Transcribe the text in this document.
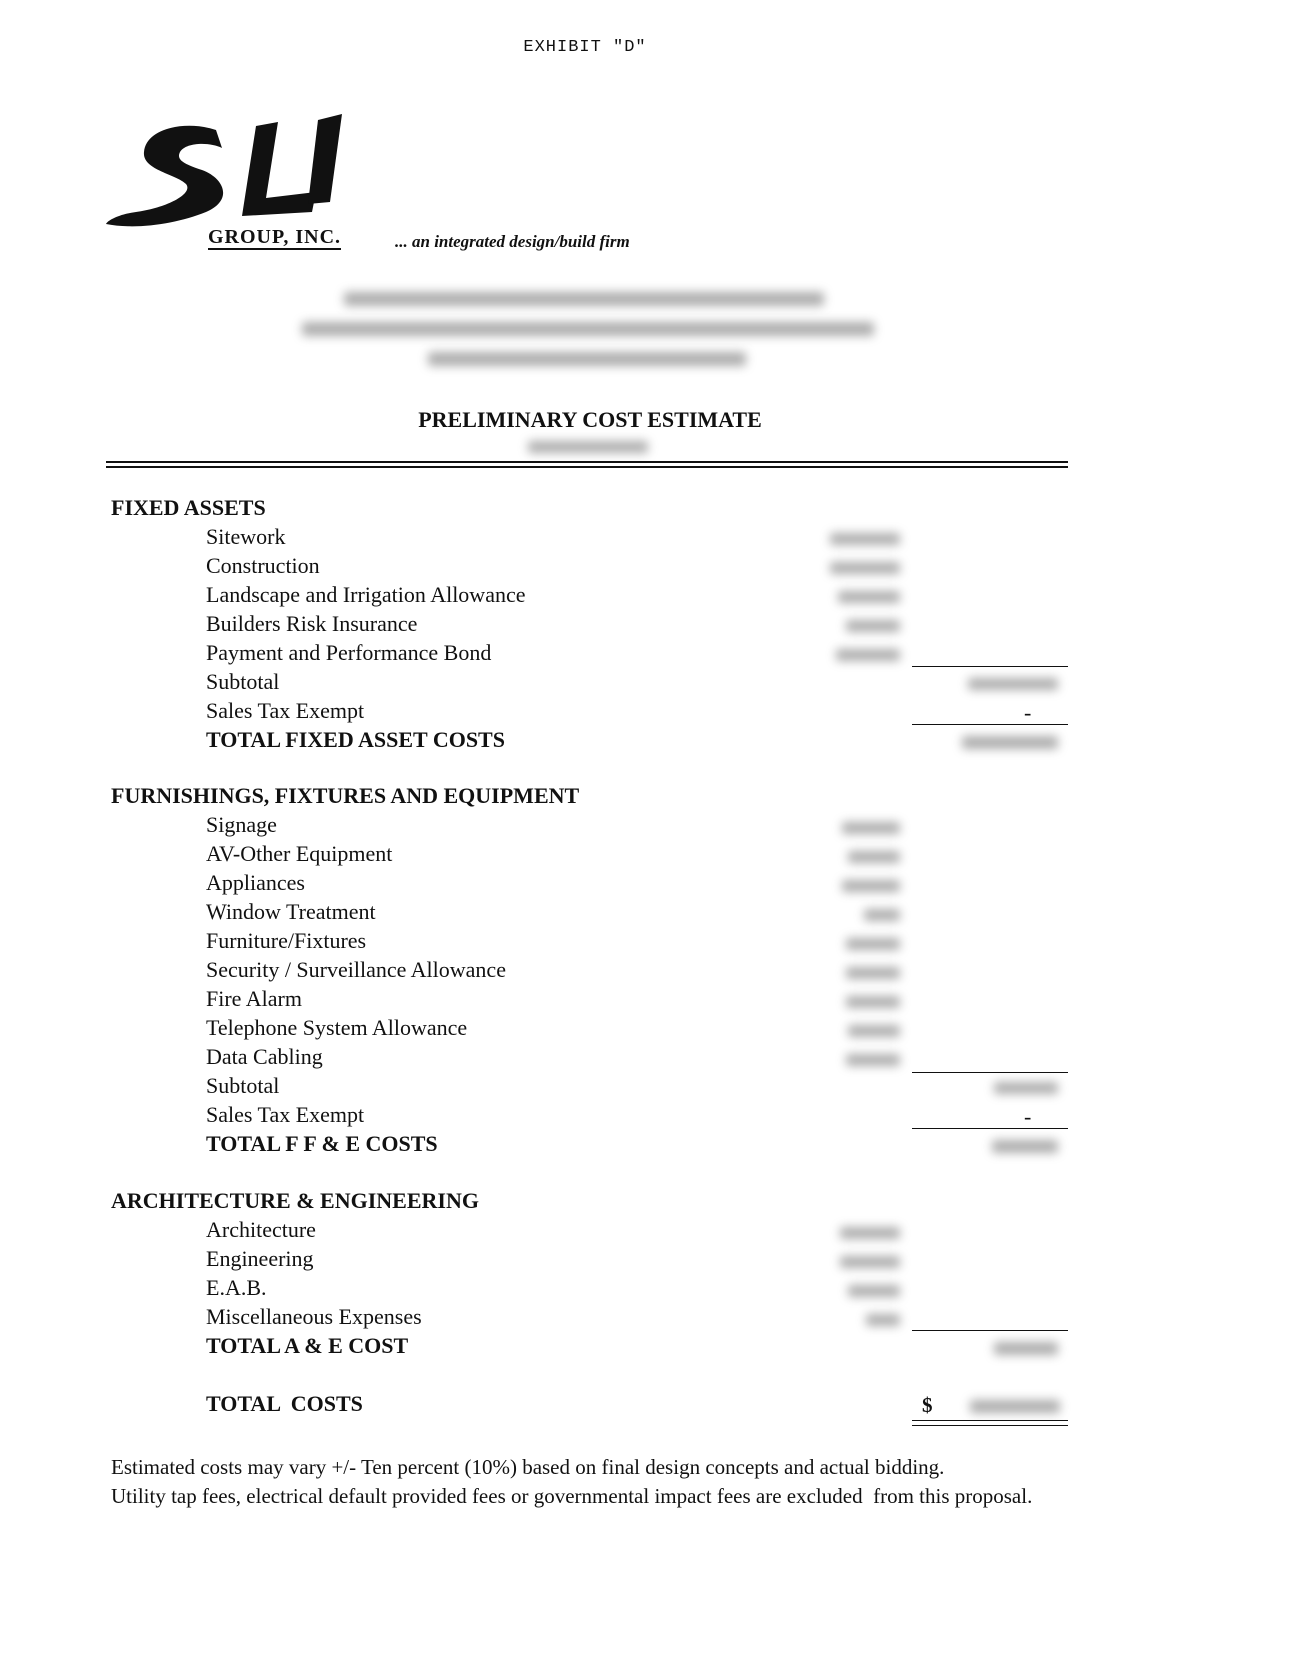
EXHIBIT "D"
GROUP, INC.	... an integrated design/build firm
PRELIMINARY COST ESTIMATE
FIXED ASSETS
Sitework
Construction
Landscape and Irrigation Allowance
Builders Risk Insurance
Payment and Performance Bond
Subtotal
Sales Tax Exempt
TOTAL FIXED ASSET COSTS
-
FURNISHINGS, FIXTURES AND EQUIPMENT
Signage
AV-Other Equipment
Appliances
Window Treatment
Furniture/Fixtures
Security / Surveillance Allowance
Fire Alarm
Telephone System Allowance
Data Cabling
Subtotal
Sales Tax Exempt
TOTAL F F & E COSTS
-
ARCHITECTURE & ENGINEERING
Architecture
Engineering
E.A.B.
Miscellaneous Expenses
TOTAL A & E COST
TOTAL  COSTS	$
Estimated costs may vary +/- Ten percent (10%) based on final design concepts and actual bidding.
Utility tap fees, electrical default provided fees or governmental impact fees are excluded  from this proposal.
